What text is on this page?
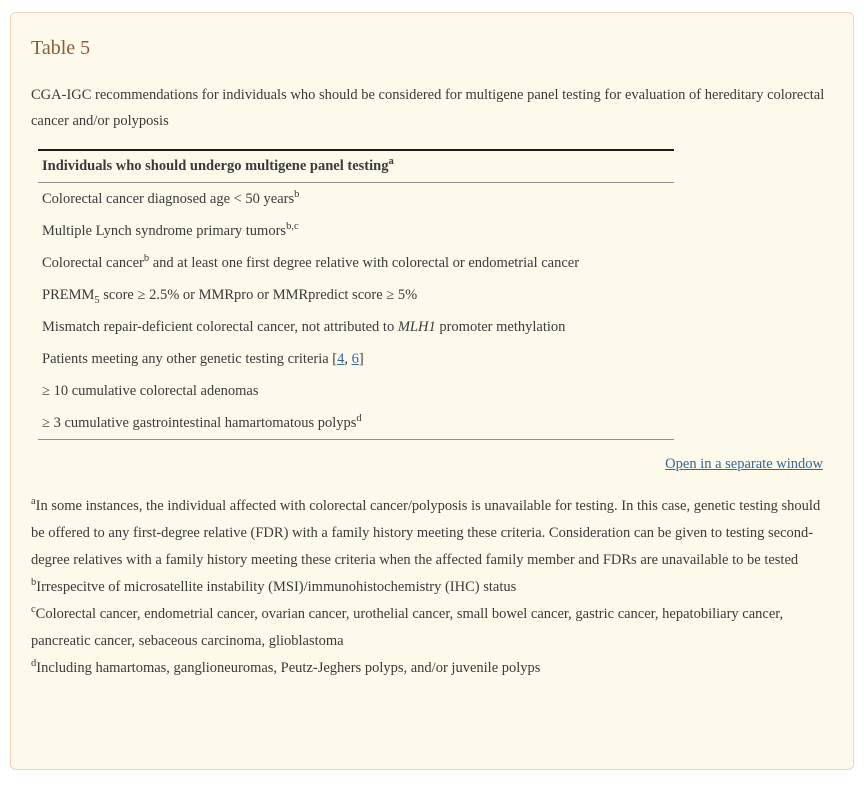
Table 5

CGA-IGC recommendations for individuals who should be considered for multigene panel testing for evaluation of hereditary colorectal cancer and/or polyposis

Individuals who should undergo multigene panel testing$^a$
Colorectal cancer diagnosed age < 50 years$^b$
Multiple Lynch syndrome primary tumors$^{b,c}$
Colorectal cancer$^b$ and at least one first degree relative with colorectal or endometrial cancer
$PREMM_5$ score ≥ 2.5% or MMRpro or MMRpredict score ≥ 5%
Mismatch repair-deficient colorectal cancer, not attributed to MLH1 promoter methylation
Patients meeting any other genetic testing criteria [4, 6]
≥ 10 cumulative colorectal adenomas
≥ 3 cumulative gastrointestinal hamartomatous polyps$^d$
Open in a separate window

$^a$In some instances, the individual affected with colorectal cancer/polyposis is unavailable for testing. In this case, genetic testing should be offered to any first-degree relative (FDR) with a family history meeting these criteria. Consideration can be given to testing second-degree relatives with a family history meeting these criteria when the affected family member and FDRs are unavailable to be tested

$^b$Irrespecitve of microsatellite instability (MSI)/immunohistochemistry (IHC) status

$^c$Colorectal cancer, endometrial cancer, ovarian cancer, urothelial cancer, small bowel cancer, gastric cancer, hepatobiliary cancer, pancreatic cancer, sebaceous carcinoma, glioblastoma

$^d$Including hamartomas, ganglioneuromas, Peutz-Jeghers polyps, and/or juvenile polyps
